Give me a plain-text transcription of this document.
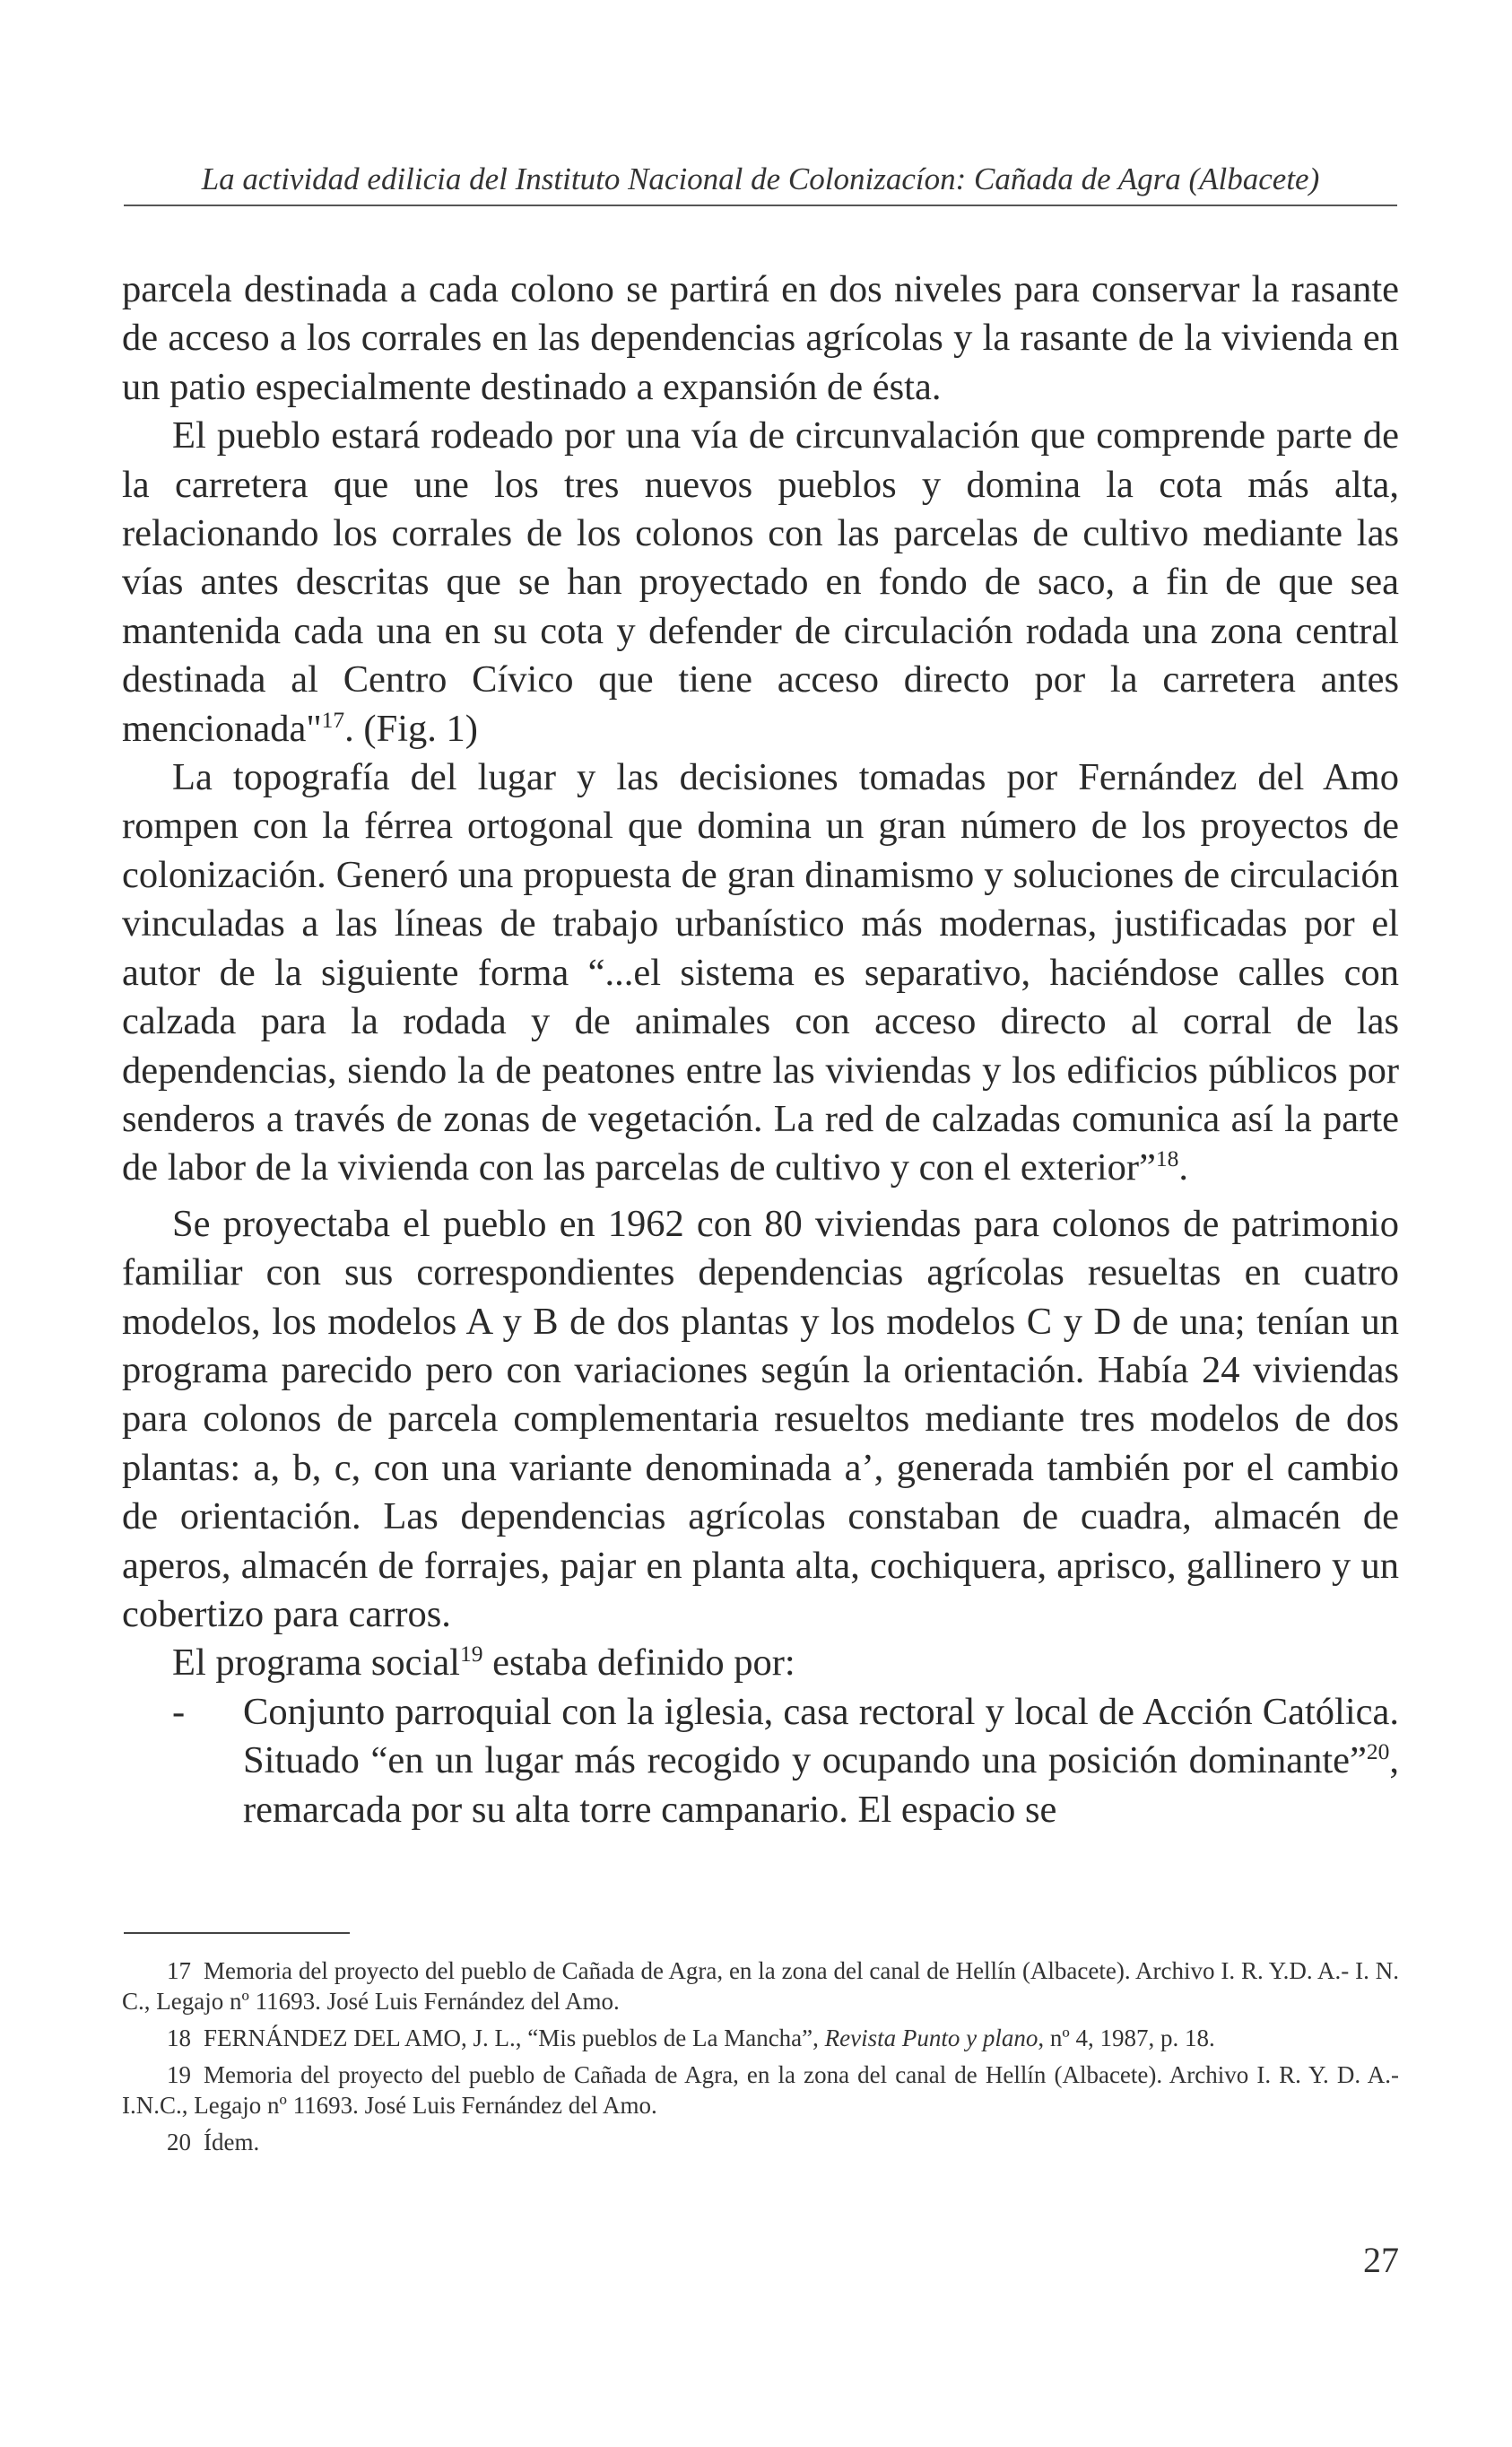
La actividad edilicia del Instituto Nacional de Colonizacíon: Cañada de Agra (Albacete)

parcela destinada a cada colono se partirá en dos niveles para conservar la rasante de acceso a los corrales en las dependencias agrícolas y la rasante de la vivienda en un patio especialmente destinado a expansión de ésta.

El pueblo estará rodeado por una vía de circunvalación que comprende parte de la carretera que une los tres nuevos pueblos y domina la cota más alta, relacionando los corrales de los colonos con las parcelas de cultivo mediante las vías antes descritas que se han proyectado en fondo de saco, a fin de que sea mantenida cada una en su cota y defender de circulación rodada una zona central destinada al Centro Cívico que tiene acceso directo por la carretera antes mencionada"$^{17}$. (Fig. 1)

La topografía del lugar y las decisiones tomadas por Fernández del Amo rompen con la férrea ortogonal que domina un gran número de los proyectos de colonización. Generó una propuesta de gran dinamismo y soluciones de circulación vinculadas a las líneas de trabajo urbanístico más modernas, justificadas por el autor de la siguiente forma “...el sistema es separativo, haciéndose calles con calzada para la rodada y de animales con acceso directo al corral de las dependencias, siendo la de peatones entre las viviendas y los edificios públicos por senderos a través de zonas de vegetación. La red de calzadas comunica así la parte de labor de la vivienda con las parcelas de cultivo y con el exterior”$^{18}$.

Se proyectaba el pueblo en 1962 con 80 viviendas para colonos de patrimonio familiar con sus correspondientes dependencias agrícolas resueltas en cuatro modelos, los modelos A y B de dos plantas y los modelos C y D de una; tenían un programa parecido pero con variaciones según la orientación. Había 24 viviendas para colonos de parcela complementaria resueltos mediante tres modelos de dos plantas: a, b, c, con una variante denominada a’, generada también por el cambio de orientación. Las dependencias agrícolas constaban de cuadra, almacén de aperos, almacén de forrajes, pajar en planta alta, cochiquera, aprisco, gallinero y un cobertizo para carros.

El programa social$^{19}$ estaba definido por:

- Conjunto parroquial con la iglesia, casa rectoral y local de Acción Católica. Situado “en un lugar más recogido y ocupando una posición dominante”$^{20}$, remarcada por su alta torre campanario. El espacio se

17 Memoria del proyecto del pueblo de Cañada de Agra, en la zona del canal de Hellín (Albacete). Archivo I. R. Y.D. A.- I. N. C., Legajo nº 11693. José Luis Fernández del Amo.

18 FERNÁNDEZ DEL AMO, J. L., “Mis pueblos de La Mancha”, Revista Punto y plano, nº 4, 1987, p. 18.

19 Memoria del proyecto del pueblo de Cañada de Agra, en la zona del canal de Hellín (Albacete). Archivo I. R. Y. D. A.- I.N.C., Legajo nº 11693. José Luis Fernández del Amo.

20 Ídem.

27
